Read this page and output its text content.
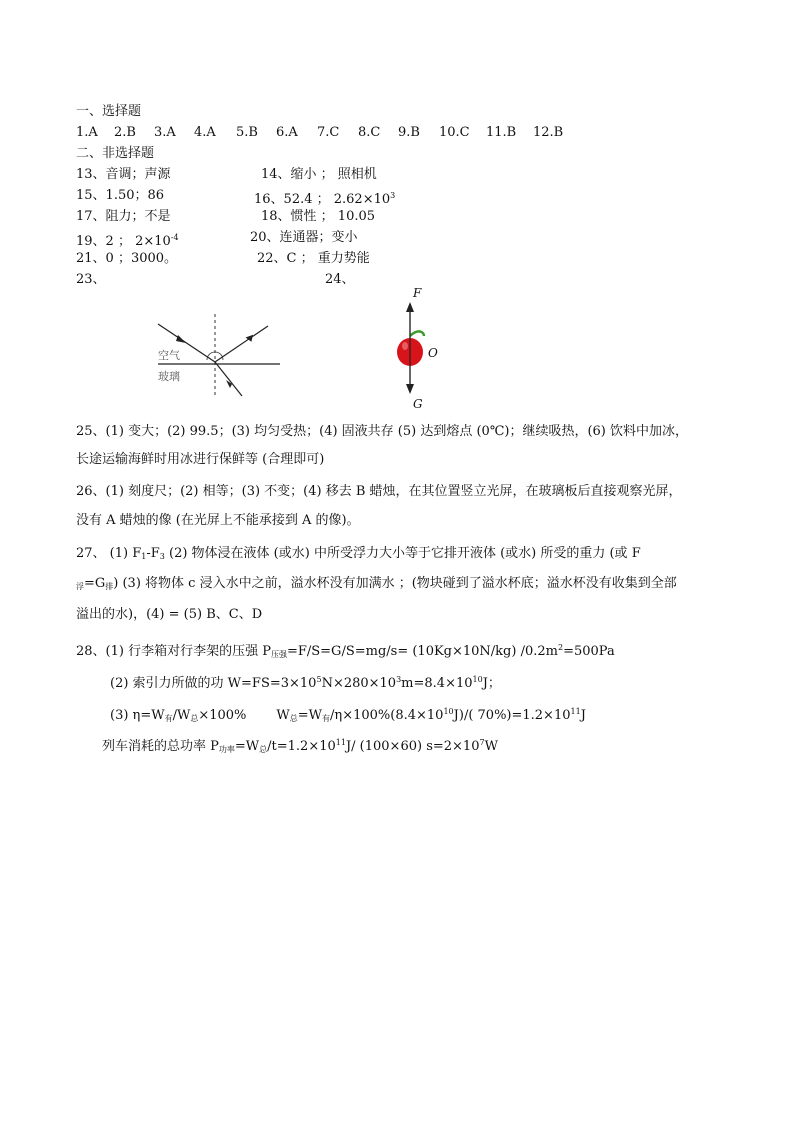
一、选择题
1.A 2.B 3.A 4.A 5.B 6.A 7.C 8.C 9.B 10.C 11.B 12.B
二、非选择题
13、音调；声源	14、缩小 ； 照相机
15、1.50；86	16、52.4 ； $2.62\times 10^3$
17、阻力；不是	18、惯性 ； 10.05
19、2 ； $2\times 10^{-4}$	20、连通器；变小
21、0 ；3000。	22、C ； 重力势能
23、	24、
空气
玻璃
F
O
G
25、(1) 变大；(2) 99.5；(3) 均匀受热；(4) 固液共存 (5) 达到熔点 (0℃)；继续吸热，(6) 饮料中加冰，
长途运输海鲜时用冰进行保鲜等 (合理即可)
26、(1) 刻度尺；(2) 相等；(3) 不变；(4) 移去 B 蜡烛，在其位置竖立光屏，在玻璃板后直接观察光屏，
没有 A 蜡烛的像 (在光屏上不能承接到 A 的像)。
27、 (1) $F_1-F_3$ (2) 物体浸在液体 (或水) 中所受浮力大小等于它排开液体 (或水) 所受的重力 (或 F
$_浮=G_排$) (3) 将物体 c 浸入水中之前，溢水杯没有加满水 ；(物块碰到了溢水杯底；溢水杯没有收集到全部
溢出的水)，(4) = (5) B、C、D
28、(1) 行李箱对行李架的压强 $P_{压强}=F/S=G/S=mg/s= (10Kg\times 10N/kg)$ $/0.2m^2=500Pa$
(2) 索引力所做的功 $W=FS=3\times 10^5N\times 280\times 10^3m=8.4\times 10^{10}J$；
(3) $\eta=W_有/W_总\times 100\%$ $W_总=W_有/\eta\times 100\%(8.4\times 10^{10}J)/$( $70\%)=1.2\times 10^{11}J$
列车消耗的总功率 $P_{功率}=W_总/t=1.2\times 10^{11}J/$ (100×60) $s=2\times 10^7W$
